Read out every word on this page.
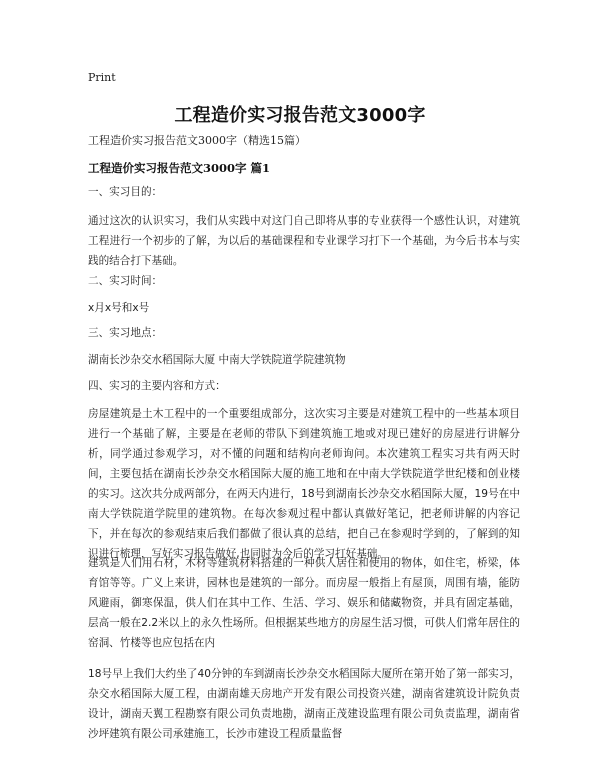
Print
工程造价实习报告范文3000字
工程造价实习报告范文3000字（精选15篇）
工程造价实习报告范文3000字 篇1
一、实习目的：
通过这次的认识实习，我们从实践中对这门自己即将从事的专业获得一个感性认识，对建筑工程进行一个初步的了解，为以后的基础课程和专业课学习打下一个基础，为今后书本与实践的结合打下基础。
二、实习时间：
x月x号和x号
三、实习地点：
湖南长沙杂交水稻国际大厦 中南大学铁院道学院建筑物
四、实习的主要内容和方式：
房屋建筑是土木工程中的一个重要组成部分，这次实习主要是对建筑工程中的一些基本项目进行一个基础了解，主要是在老师的带队下到建筑施工地或对现已建好的房屋进行讲解分析，同学通过参观学习，对不懂的问题和结构向老师询问。本次建筑工程实习共有两天时间，主要包括在湖南长沙杂交水稻国际大厦的施工地和在中南大学铁院道学世纪楼和创业楼的实习。这次共分成两部分，在两天内进行，18号到湖南长沙杂交水稻国际大厦，19号在中南大学铁院道学院里的建筑物。在每次参观过程中都认真做好笔记，把老师讲解的内容记下，并在每次的参观结束后我们都做了很认真的总结，把自己在参观时学到的，了解到的知识进行梳理，写好实习报告做好,也同时为今后的学习打好基础。
建筑是人们用石材，木材等建筑材料搭建的一种供人居住和使用的物体，如住宅，桥梁，体育馆等等。广义上来讲，园林也是建筑的一部分。而房屋一般指上有屋顶，周围有墙，能防风避雨，御寒保温，供人们在其中工作、生活、学习、娱乐和储藏物资，并具有固定基础，层高一般在2.2米以上的永久性场所。但根据某些地方的房屋生活习惯，可供人们常年居住的窑洞、竹楼等也应包括在内
18号早上我们大约坐了40分钟的车到湖南长沙杂交水稻国际大厦所在第开始了第一部实习，杂交水稻国际大厦工程，由湖南雄天房地产开发有限公司投资兴建，湖南省建筑设计院负责设计，湖南天翼工程勘察有限公司负责地勘，湖南正茂建设监理有限公司负责监理，湖南省沙坪建筑有限公司承建施工，长沙市建设工程质量监督
